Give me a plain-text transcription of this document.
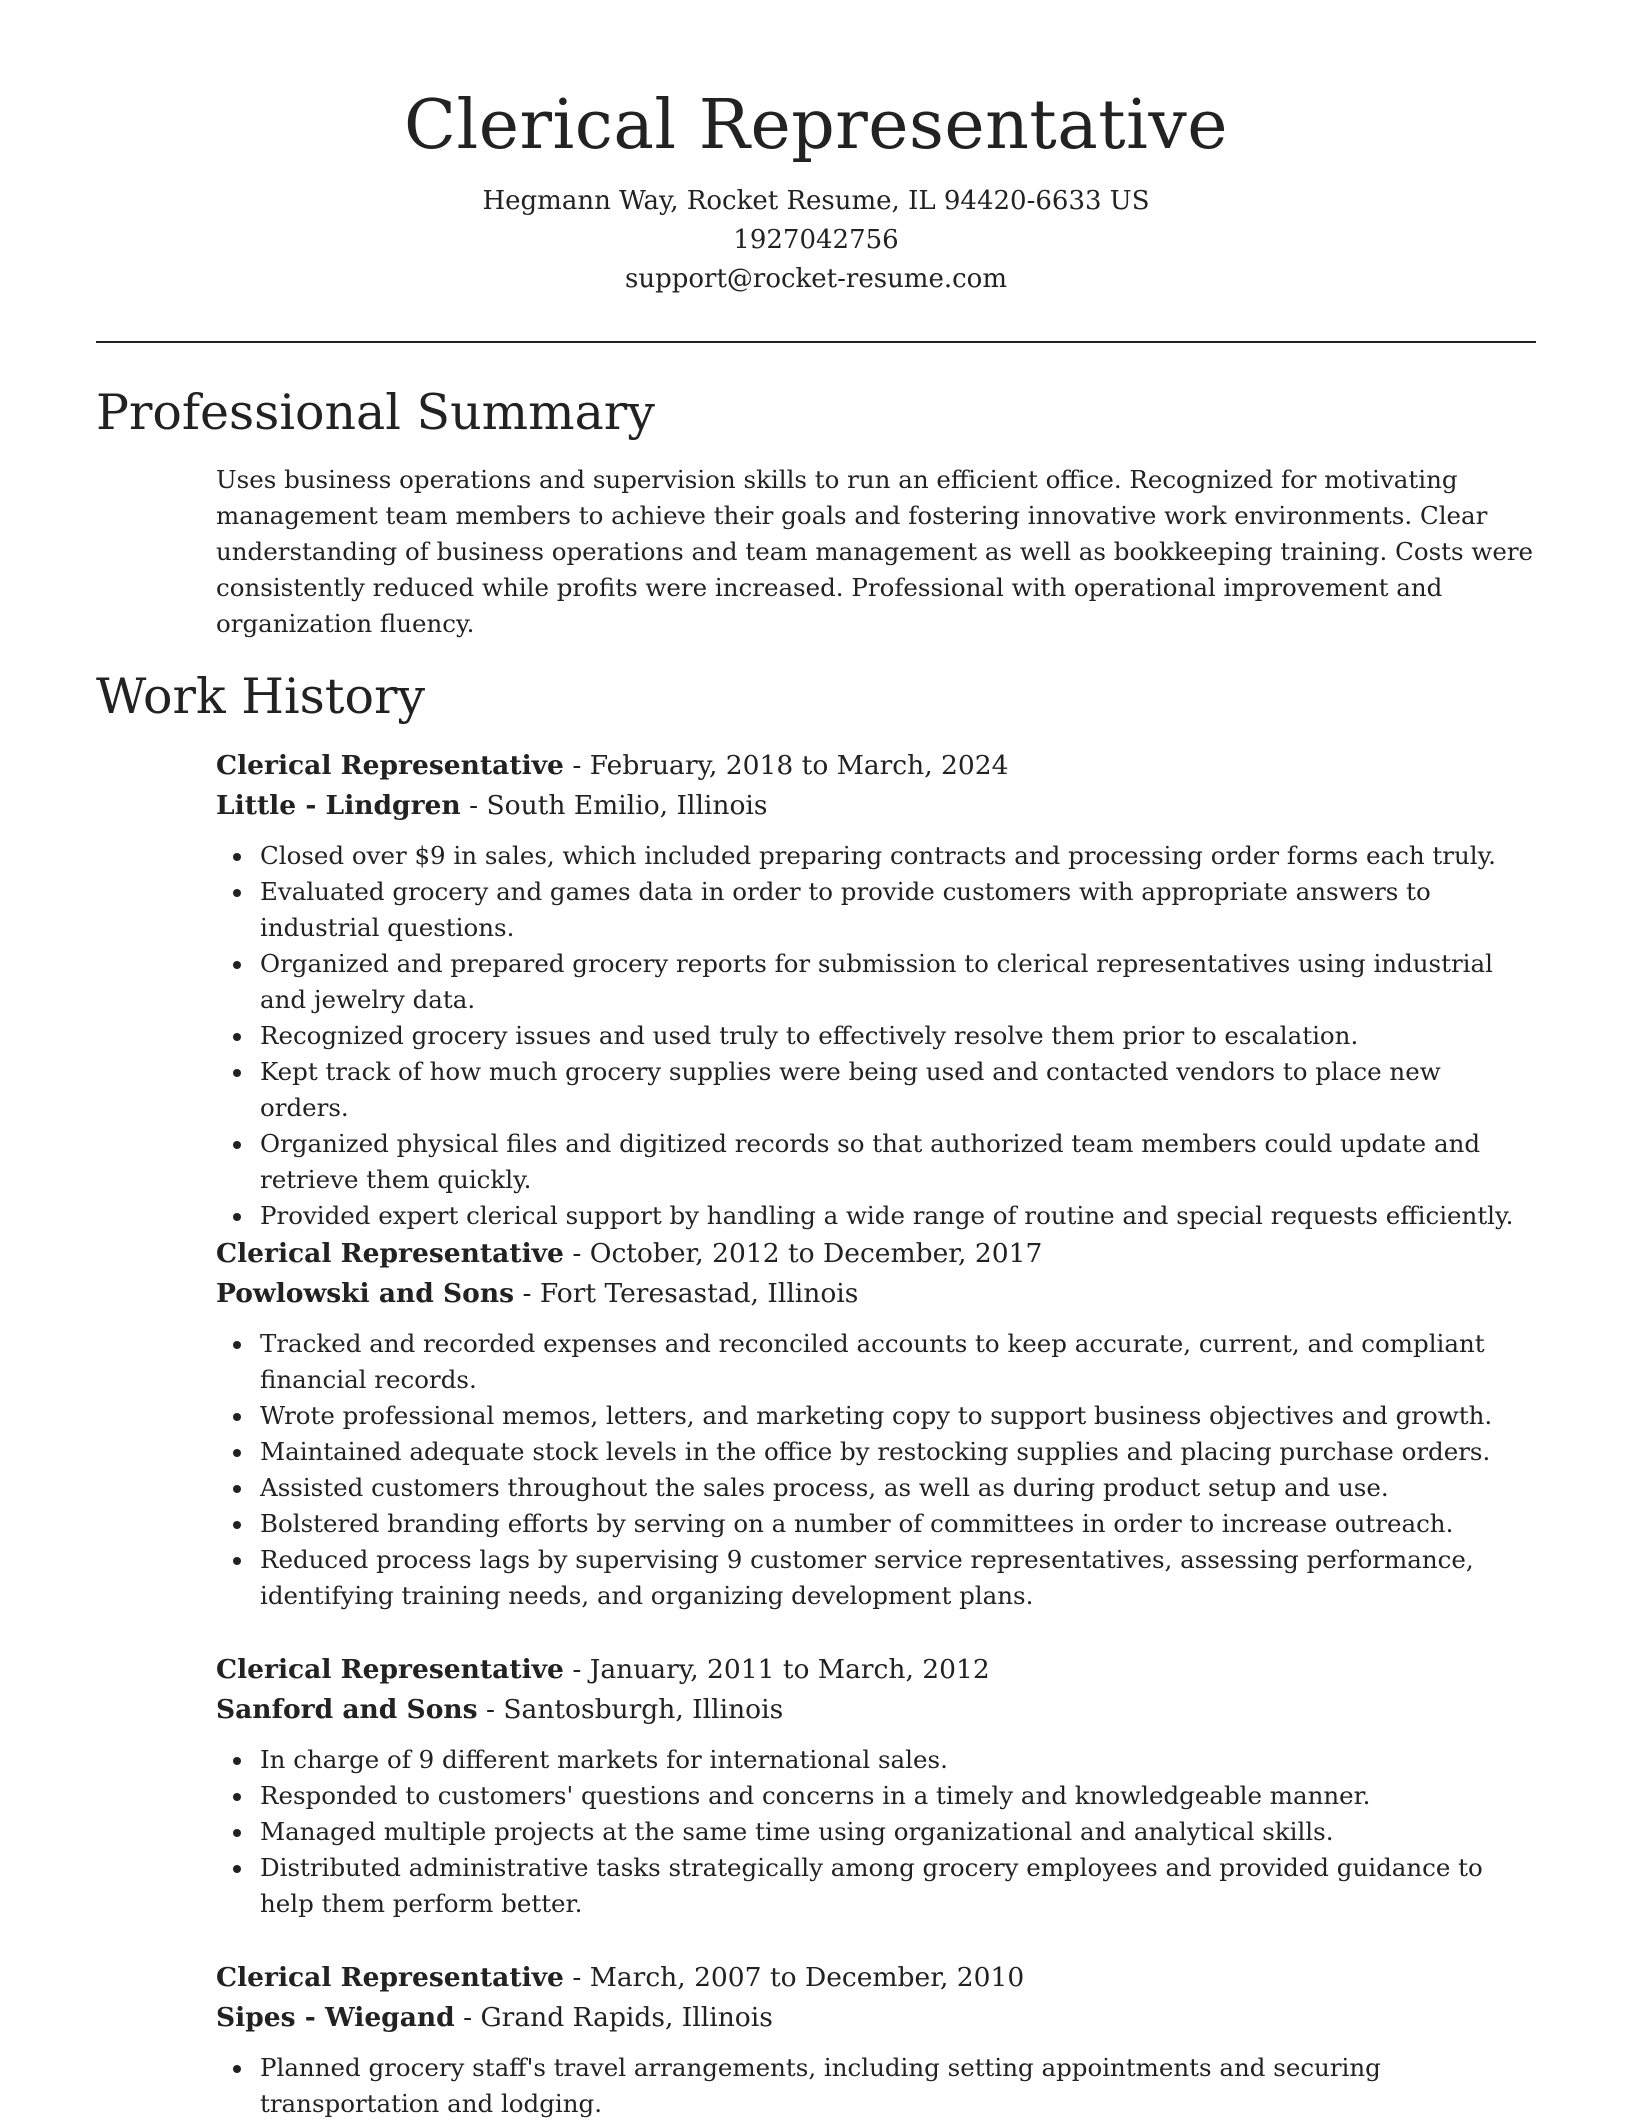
Clerical Representative

Hegmann Way, Rocket Resume, IL 94420-6633 US

1927042756

support@rocket-resume.com

Professional Summary

Uses business operations and supervision skills to run an efficient office. Recognized for motivating management team members to achieve their goals and fostering innovative work environments. Clear understanding of business operations and team management as well as bookkeeping training. Costs were consistently reduced while profits were increased. Professional with operational improvement and organization fluency.

Work History

Clerical Representative - February, 2018 to March, 2024

Little - Lindgren - South Emilio, Illinois

Closed over $9 in sales, which included preparing contracts and processing order forms each truly.
Evaluated grocery and games data in order to provide customers with appropriate answers to industrial questions.
Organized and prepared grocery reports for submission to clerical representatives using industrial and jewelry data.
Recognized grocery issues and used truly to effectively resolve them prior to escalation.
Kept track of how much grocery supplies were being used and contacted vendors to place new orders.
Organized physical files and digitized records so that authorized team members could update and retrieve them quickly.
Provided expert clerical support by handling a wide range of routine and special requests efficiently.

Clerical Representative - October, 2012 to December, 2017

Powlowski and Sons - Fort Teresastad, Illinois

Tracked and recorded expenses and reconciled accounts to keep accurate, current, and compliant financial records.
Wrote professional memos, letters, and marketing copy to support business objectives and growth.
Maintained adequate stock levels in the office by restocking supplies and placing purchase orders.
Assisted customers throughout the sales process, as well as during product setup and use.
Bolstered branding efforts by serving on a number of committees in order to increase outreach.
Reduced process lags by supervising 9 customer service representatives, assessing performance, identifying training needs, and organizing development plans.

Clerical Representative - January, 2011 to March, 2012

Sanford and Sons - Santosburgh, Illinois

In charge of 9 different markets for international sales.
Responded to customers' questions and concerns in a timely and knowledgeable manner.
Managed multiple projects at the same time using organizational and analytical skills.
Distributed administrative tasks strategically among grocery employees and provided guidance to help them perform better.

Clerical Representative - March, 2007 to December, 2010

Sipes - Wiegand - Grand Rapids, Illinois

Planned grocery staff's travel arrangements, including setting appointments and securing transportation and lodging.
